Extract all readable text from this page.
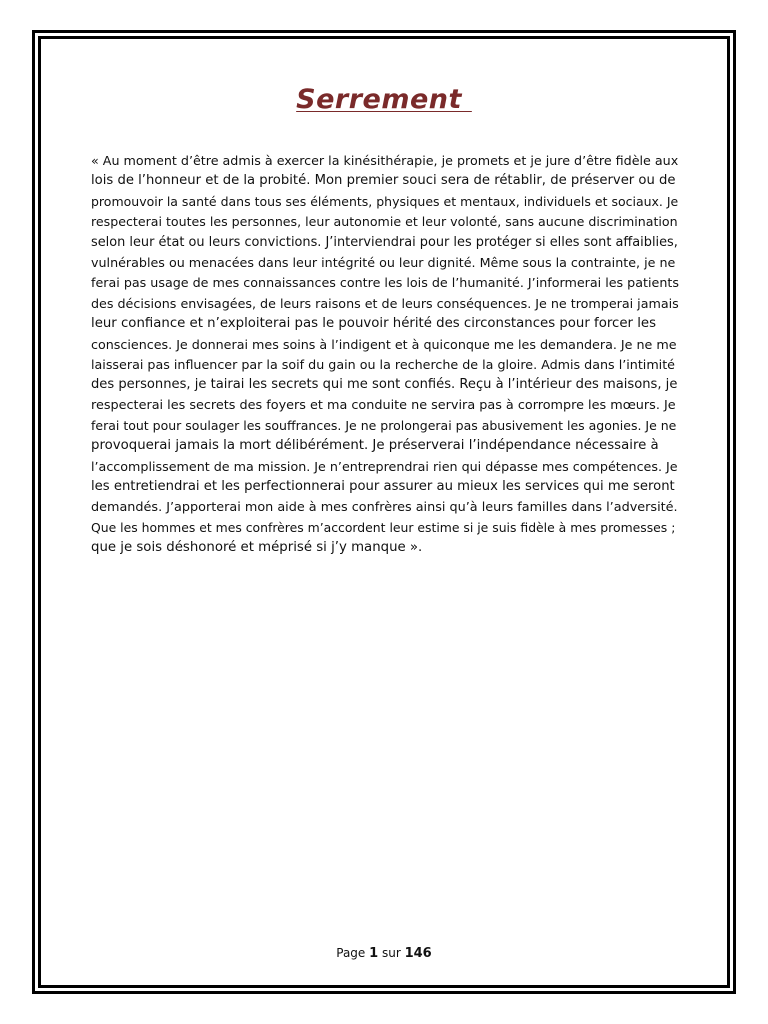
Serrement
« Au moment d’être admis à exercer la kinésithérapie, je promets et je jure d’être fidèle aux
lois de l’honneur et de la probité. Mon premier souci sera de rétablir, de préserver ou de
promouvoir la santé dans tous ses éléments, physiques et mentaux, individuels et sociaux. Je
respecterai toutes les personnes, leur autonomie et leur volonté, sans aucune discrimination
selon leur état ou leurs convictions. J’interviendrai pour les protéger si elles sont affaiblies,
vulnérables ou menacées dans leur intégrité ou leur dignité. Même sous la contrainte, je ne
ferai pas usage de mes connaissances contre les lois de l’humanité. J’informerai les patients
des décisions envisagées, de leurs raisons et de leurs conséquences. Je ne tromperai jamais
leur confiance et n’exploiterai pas le pouvoir hérité des circonstances pour forcer les
consciences. Je donnerai mes soins à l’indigent et à quiconque me les demandera. Je ne me
laisserai pas influencer par la soif du gain ou la recherche de la gloire. Admis dans l’intimité
des personnes, je tairai les secrets qui me sont confiés. Reçu à l’intérieur des maisons, je
respecterai les secrets des foyers et ma conduite ne servira pas à corrompre les mœurs. Je
ferai tout pour soulager les souffrances. Je ne prolongerai pas abusivement les agonies. Je ne
provoquerai jamais la mort délibérément. Je préserverai l’indépendance nécessaire à
l’accomplissement de ma mission. Je n’entreprendrai rien qui dépasse mes compétences. Je
les entretiendrai et les perfectionnerai pour assurer au mieux les services qui me seront
demandés. J’apporterai mon aide à mes confrères ainsi qu’à leurs familles dans l’adversité.
Que les hommes et mes confrères m’accordent leur estime si je suis fidèle à mes promesses ;
que je sois déshonoré et méprisé si j’y manque ».
Page 1 sur 146
